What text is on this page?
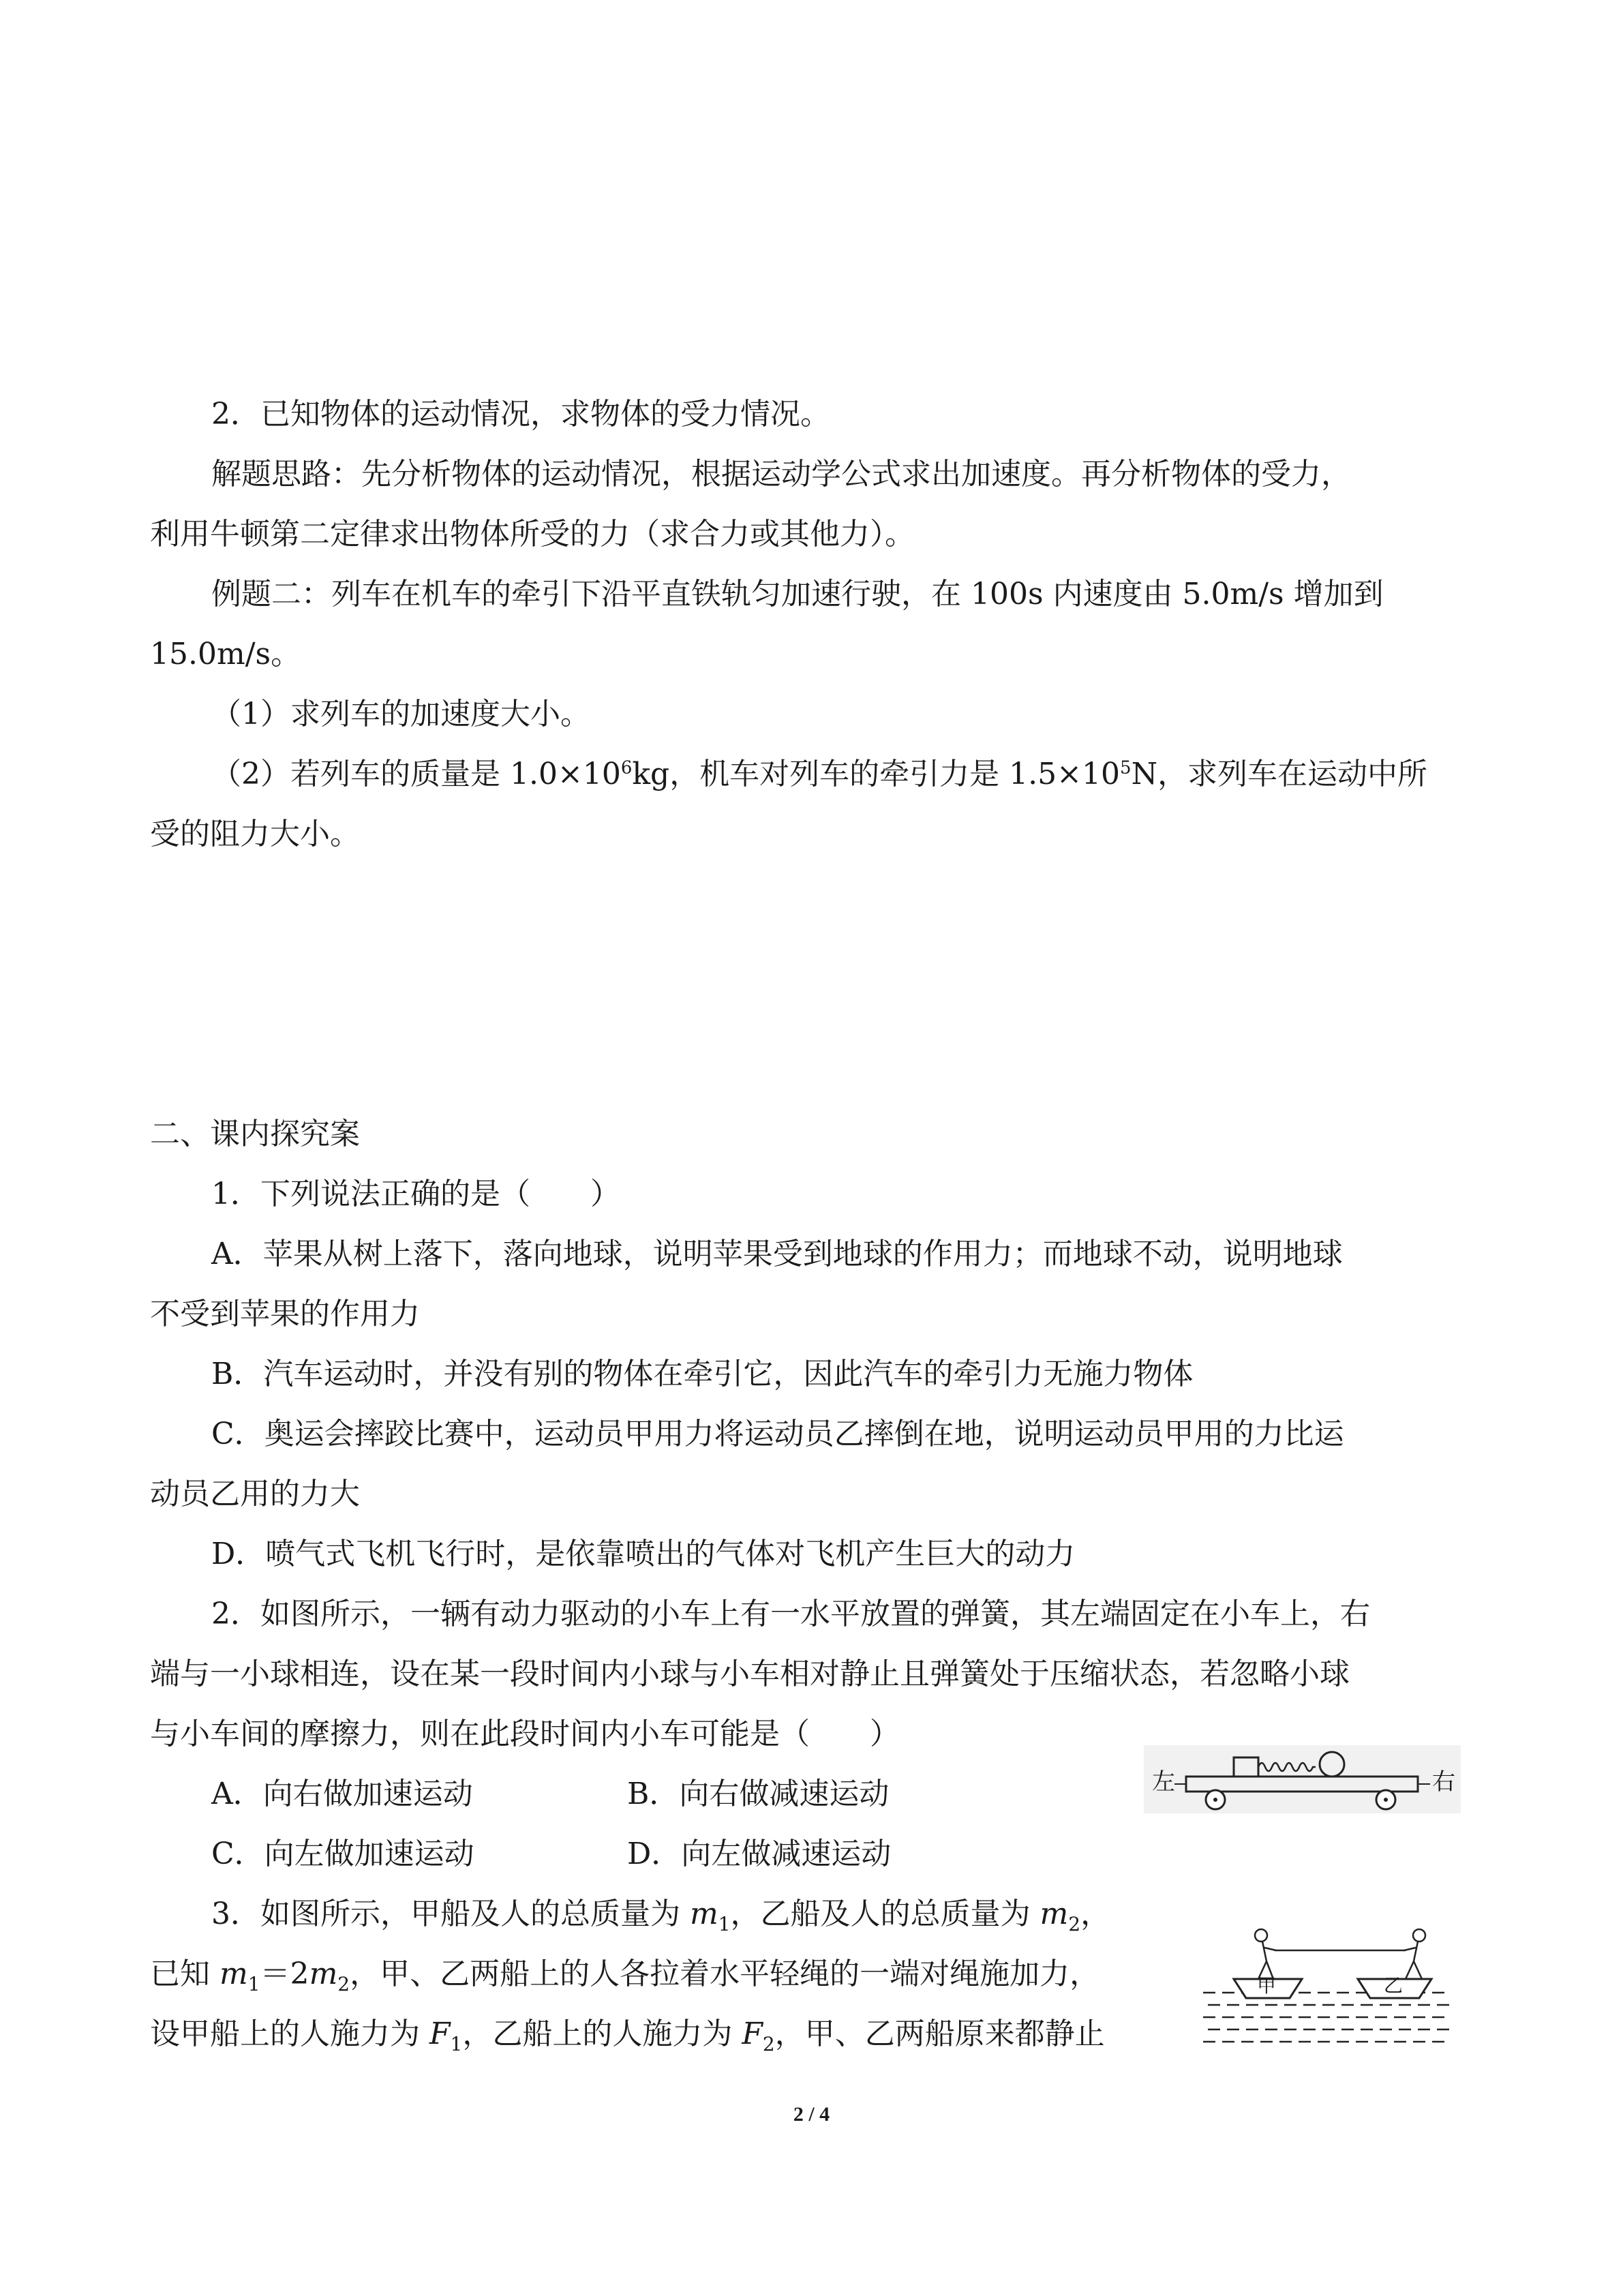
2．已知物体的运动情况，求物体的受力情况。
解题思路：先分析物体的运动情况，根据运动学公式求出加速度。再分析物体的受力，
利用牛顿第二定律求出物体所受的力（求合力或其他力）。
例题二：列车在机车的牵引下沿平直铁轨匀加速行驶，在 100s 内速度由 5.0m/s 增加到
15.0m/s。
（1）求列车的加速度大小。
（2）若列车的质量是 $1.0\times 10^6kg$，机车对列车的牵引力是 $1.5\times 10^5N$，求列车在运动中所
受的阻力大小。
二、课内探究案
1．下列说法正确的是（　　）
A．苹果从树上落下，落向地球，说明苹果受到地球的作用力；而地球不动，说明地球
不受到苹果的作用力
B．汽车运动时，并没有别的物体在牵引它，因此汽车的牵引力无施力物体
C．奥运会摔跤比赛中，运动员甲用力将运动员乙摔倒在地，说明运动员甲用的力比运
动员乙用的力大
D．喷气式飞机飞行时，是依靠喷出的气体对飞机产生巨大的动力
2．如图所示，一辆有动力驱动的小车上有一水平放置的弹簧，其左端固定在小车上，右
端与一小球相连，设在某一段时间内小球与小车相对静止且弹簧处于压缩状态，若忽略小球
与小车间的摩擦力，则在此段时间内小车可能是（　　）
A．向右做加速运动	B．向右做减速运动
C．向左做加速运动	D．向左做减速运动
左	右
3．如图所示，甲船及人的总质量为 $m_1$，乙船及人的总质量为 $m_2$，
已知 $m_1=2m_2$，甲、乙两船上的人各拉着水平轻绳的一端对绳施加力，
设甲船上的人施力为 $F_1$，乙船上的人施力为 $F_2$，甲、乙两船原来都静止
甲	乙
2 / 4
